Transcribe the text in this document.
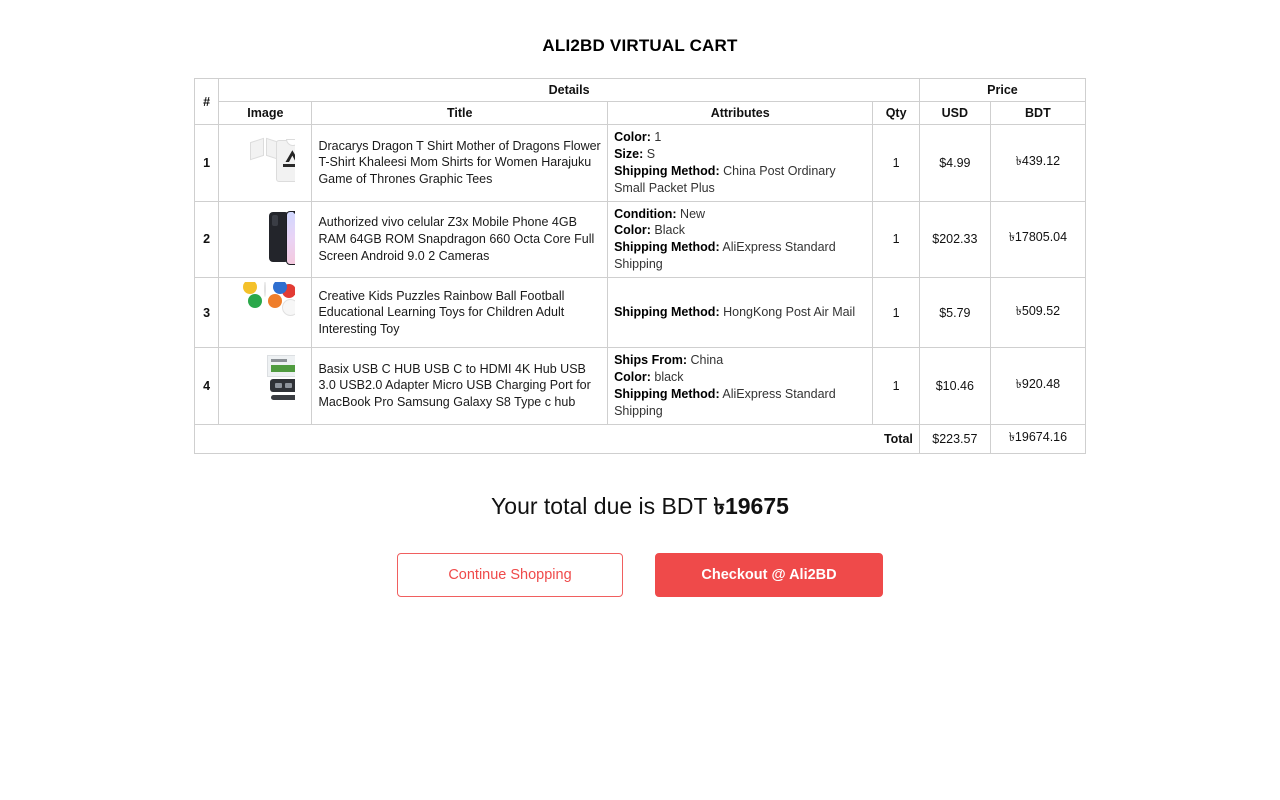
ALI2BD VIRTUAL CART
#	Details				Price	
	Image	Title	Attributes	Qty	USD	BDT
1		Dracarys Dragon T Shirt Mother of Dragons Flower T-Shirt Khaleesi Mom Shirts for Women Harajuku Game of Thrones Graphic Tees	Color: 1
Size: S
Shipping Method: China Post Ordinary Small Packet Plus	1	$4.99	৳439.12
2		Authorized vivo celular Z3x Mobile Phone 4GB RAM 64GB ROM Snapdragon 660 Octa Core Full Screen Android 9.0 2 Cameras	Condition: New
Color: Black
Shipping Method: AliExpress Standard Shipping	1	$202.33	৳17805.04
3		Creative Kids Puzzles Rainbow Ball Football Educational Learning Toys for Children Adult Interesting Toy	Shipping Method: HongKong Post Air Mail	1	$5.79	৳509.52
4		Basix USB C HUB USB C to HDMI 4K Hub USB 3.0 USB2.0 Adapter Micro USB Charging Port for MacBook Pro Samsung Galaxy S8 Type c hub	Ships From: China
Color: black
Shipping Method: AliExpress Standard Shipping	1	$10.46	৳920.48
Total					$223.57	৳19674.16
Your total due is BDT ৳19675
Continue Shopping	Checkout @ Ali2BD
